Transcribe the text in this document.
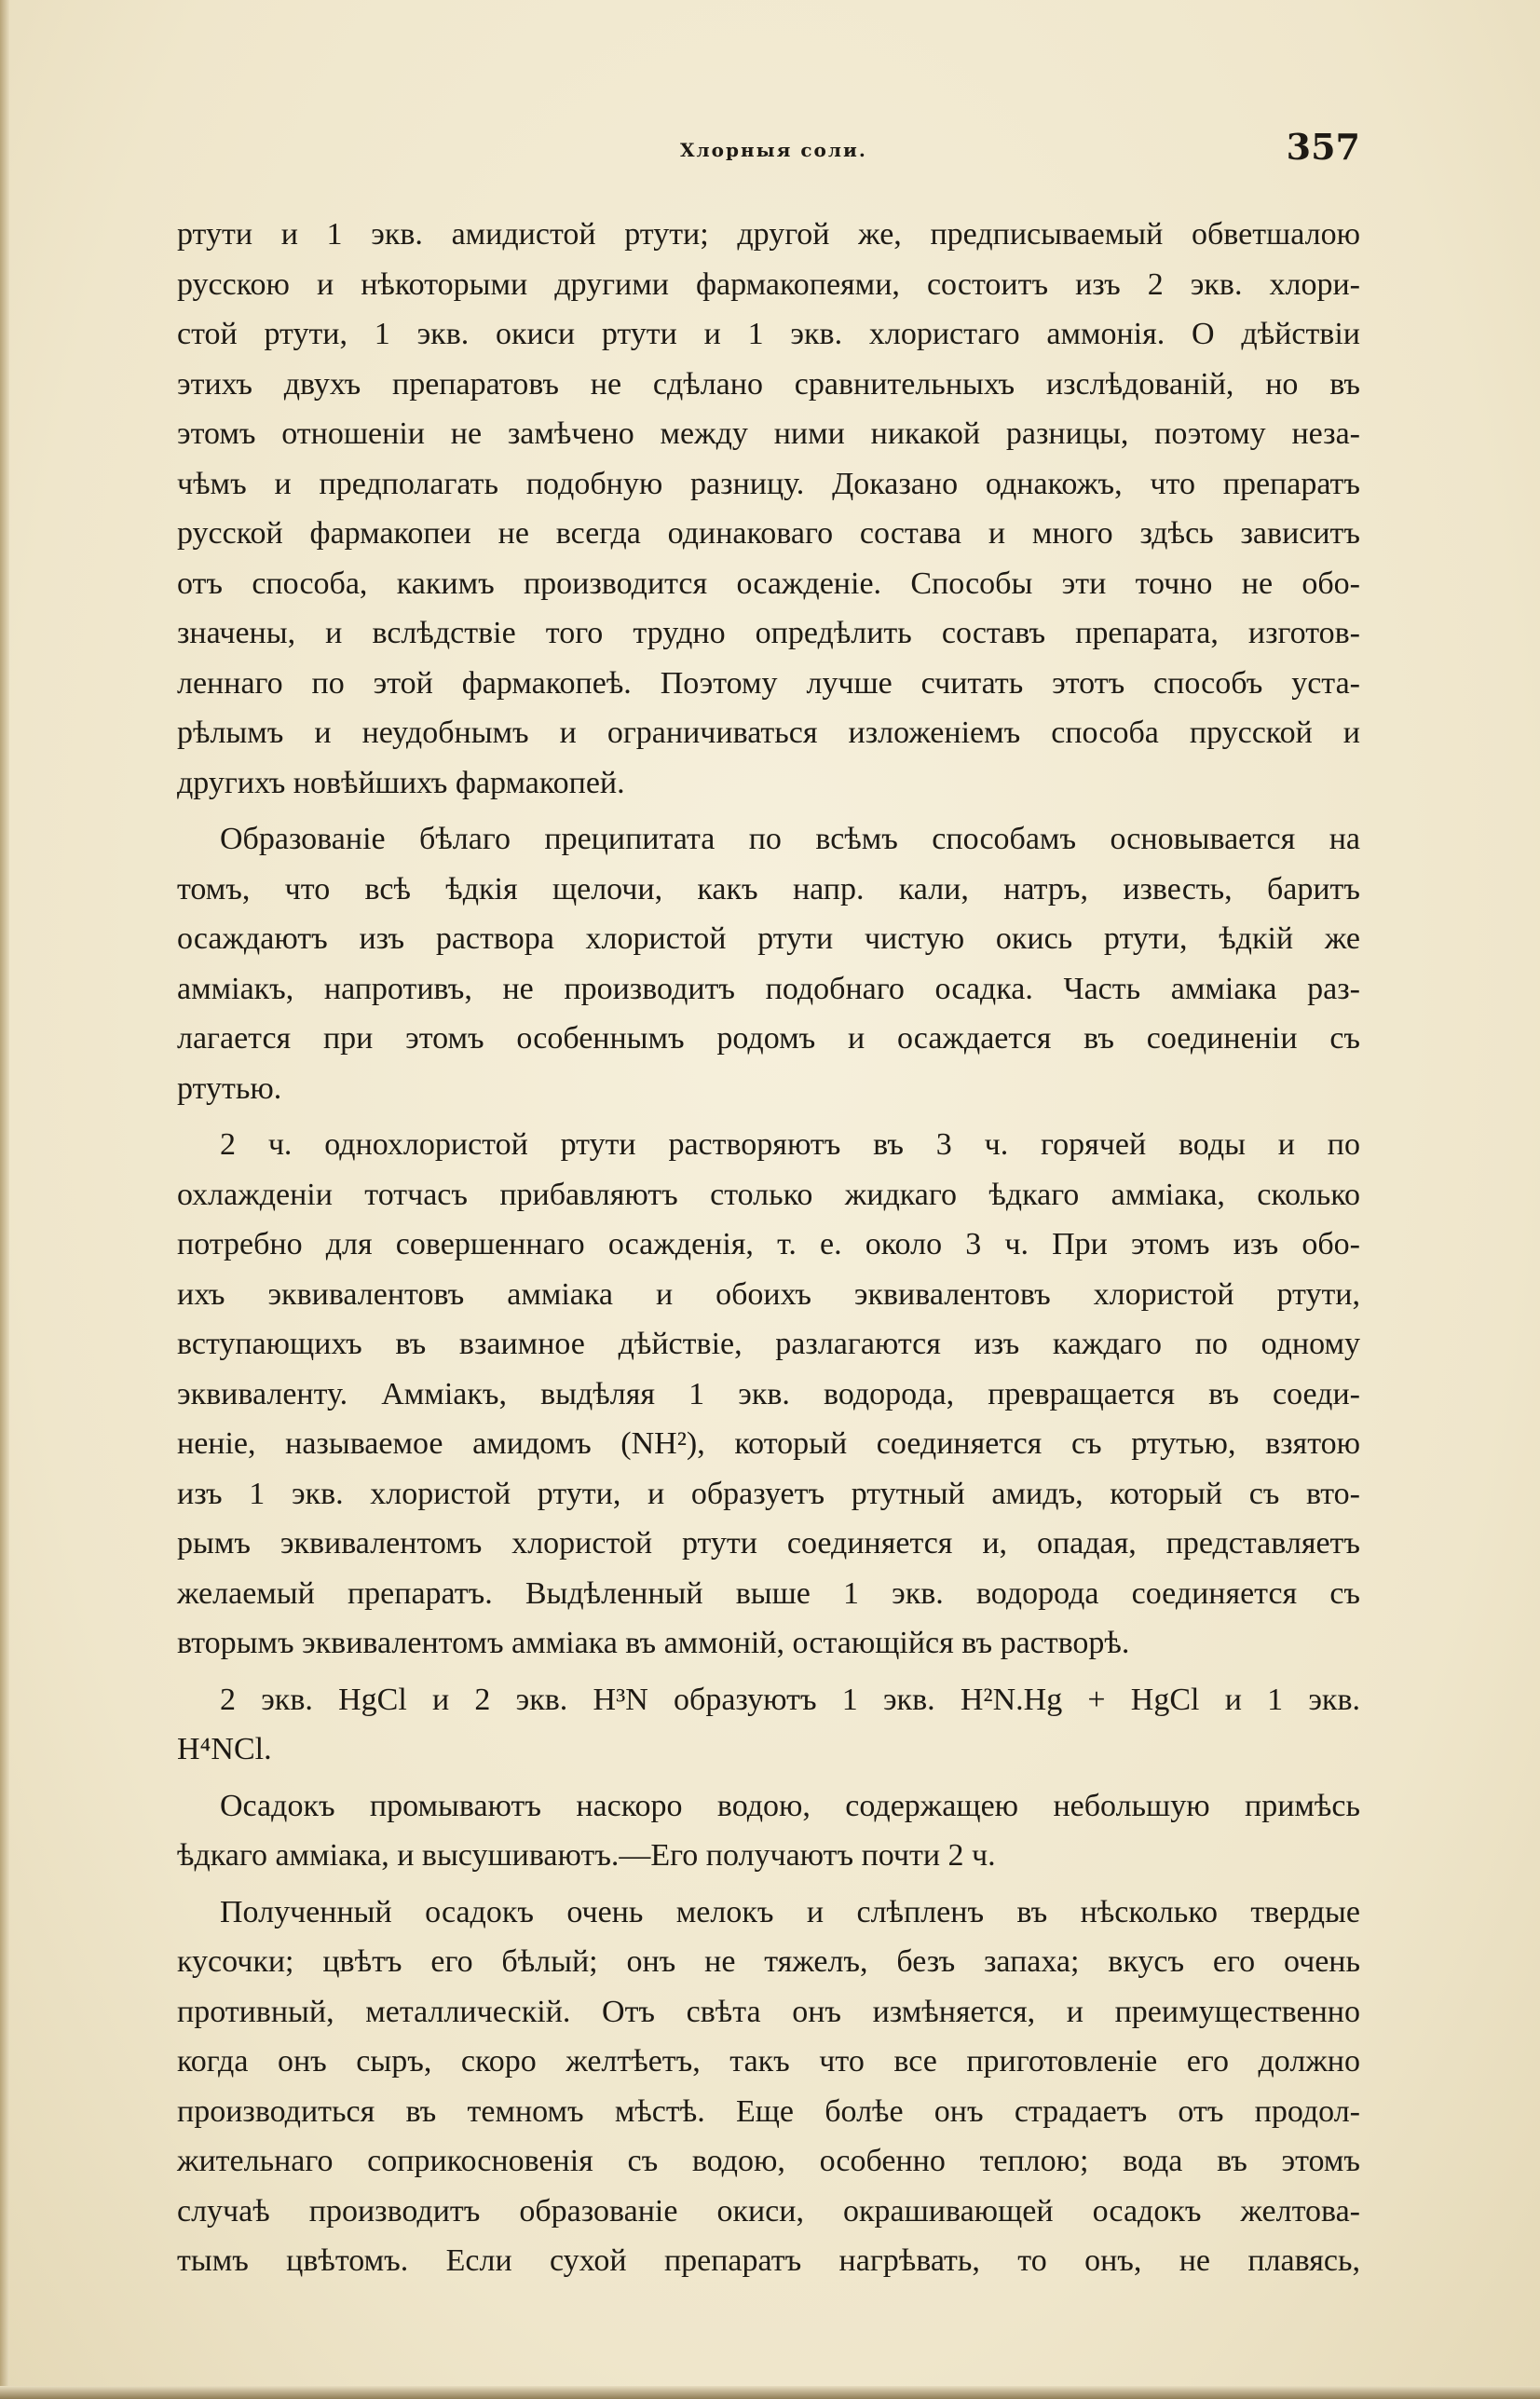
Хлорныя соли.	357
ртути и 1 экв. амидистой ртути; другой же, предписываемый обветшалою
русскою и нѣкоторыми другими фармакопеями, состоитъ изъ 2 экв. хлори-
стой ртути, 1 экв. окиси ртути и 1 экв. хлористаго аммонія. О дѣйствіи
этихъ двухъ препаратовъ не сдѣлано сравнительныхъ изслѣдованій, но въ
этомъ отношеніи не замѣчено между ними никакой разницы, поэтому неза-
чѣмъ и предполагать подобную разницу. Доказано однакожъ, что препаратъ
русской фармакопеи не всегда одинаковаго состава и много здѣсь зависитъ
отъ способа, какимъ производится осажденіе. Способы эти точно не обо-
значены, и вслѣдствіе того трудно опредѣлить составъ препарата, изготов-
леннаго по этой фармакопеѣ. Поэтому лучше считать этотъ способъ уста-
рѣлымъ и неудобнымъ и ограничиваться изложеніемъ способа прусской и
другихъ новѣйшихъ фармакопей.
Образованіе бѣлаго преципитата по всѣмъ способамъ основывается на
томъ, что всѣ ѣдкія щелочи, какъ напр. кали, натръ, известь, баритъ
осаждаютъ изъ раствора хлористой ртути чистую окись ртути, ѣдкій же
амміакъ, напротивъ, не производитъ подобнаго осадка. Часть амміака раз-
лагается при этомъ особеннымъ родомъ и осаждается въ соединеніи съ
ртутью.
2 ч. однохлористой ртути растворяютъ въ 3 ч. горячей воды и по
охлажденіи тотчасъ прибавляютъ столько жидкаго ѣдкаго амміака, сколько
потребно для совершеннаго осажденія, т. е. около 3 ч. При этомъ изъ обо-
ихъ эквивалентовъ амміака и обоихъ эквивалентовъ хлористой ртути,
вступающихъ въ взаимное дѣйствіе, разлагаются изъ каждаго по одному
эквиваленту. Амміакъ, выдѣляя 1 экв. водорода, превращается въ соеди-
неніе, называемое амидомъ (NH²), который соединяется съ ртутью, взятою
изъ 1 экв. хлористой ртути, и образуетъ ртутный амидъ, который съ вто-
рымъ эквивалентомъ хлористой ртути соединяется и, опадая, представляетъ
желаемый препаратъ. Выдѣленный выше 1 экв. водорода соединяется съ
вторымъ эквивалентомъ амміака въ аммоній, остающійся въ растворѣ.
2 экв. HgCl и 2 экв. H³N образуютъ 1 экв. H²N.Hg + HgCl и 1 экв.
H⁴NCl.
Осадокъ промываютъ наскоро водою, содержащею небольшую примѣсь
ѣдкаго амміака, и высушиваютъ.—Его получаютъ почти 2 ч.
Полученный осадокъ очень мелокъ и слѣпленъ въ нѣсколько твердые
кусочки; цвѣтъ его бѣлый; онъ не тяжелъ, безъ запаха; вкусъ его очень
противный, металлическій. Отъ свѣта онъ измѣняется, и преимущественно
когда онъ сыръ, скоро желтѣетъ, такъ что все приготовленіе его должно
производиться въ темномъ мѣстѣ. Еще болѣе онъ страдаетъ отъ продол-
жительнаго соприкосновенія съ водою, особенно теплою; вода въ этомъ
случаѣ производитъ образованіе окиси, окрашивающей осадокъ желтова-
тымъ цвѣтомъ. Если сухой препаратъ нагрѣвать, то онъ, не плавясь,
